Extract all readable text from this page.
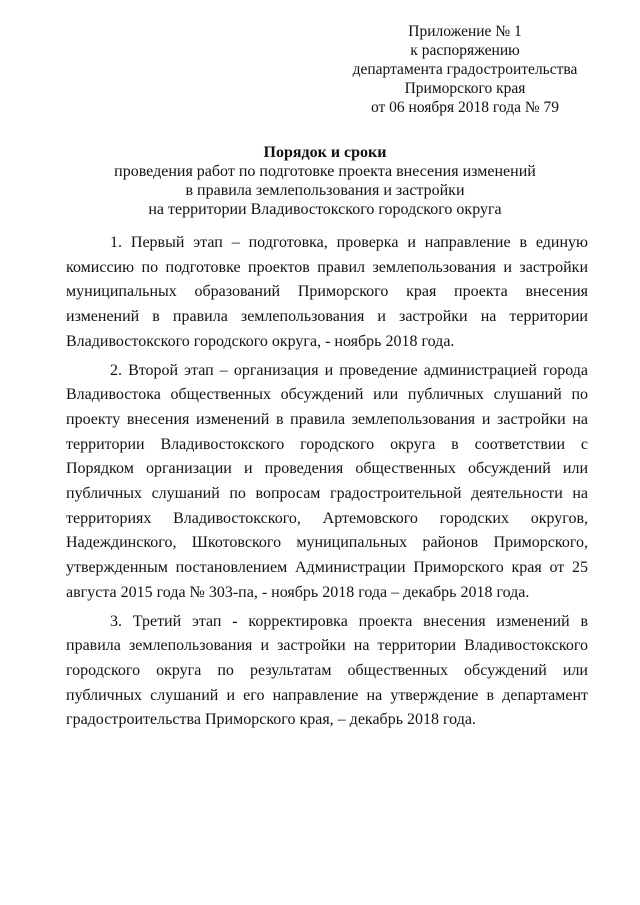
Приложение № 1
к распоряжению
департамента градостроительства
Приморского края
от 06 ноября 2018 года № 79
Порядок и сроки
проведения работ по подготовке проекта внесения изменений
в правила землепользования и застройки
на территории Владивостокского городского округа

1. Первый этап – подготовка, проверка и направление в единую комиссию по подготовке проектов правил землепользования и застройки муниципальных образований Приморского края проекта внесения изменений в правила землепользования и застройки на территории Владивостокского городского округа, - ноябрь 2018 года.

2. Второй этап – организация и проведение администрацией города Владивостока общественных обсуждений или публичных слушаний по проекту внесения изменений в правила землепользования и застройки на территории Владивостокского городского округа в соответствии с Порядком организации и проведения общественных обсуждений или публичных слушаний по вопросам градостроительной деятельности на территориях Владивостокского, Артемовского городских округов, Надеждинского, Шкотовского муниципальных районов Приморского, утвержденным постановлением Администрации Приморского края от 25 августа 2015 года № 303-па, - ноябрь 2018 года – декабрь 2018 года.

3. Третий этап - корректировка проекта внесения изменений в правила землепользования и застройки на территории Владивостокского городского округа по результатам общественных обсуждений или публичных слушаний и его направление на утверждение в департамент градостроительства Приморского края, – декабрь 2018 года.
